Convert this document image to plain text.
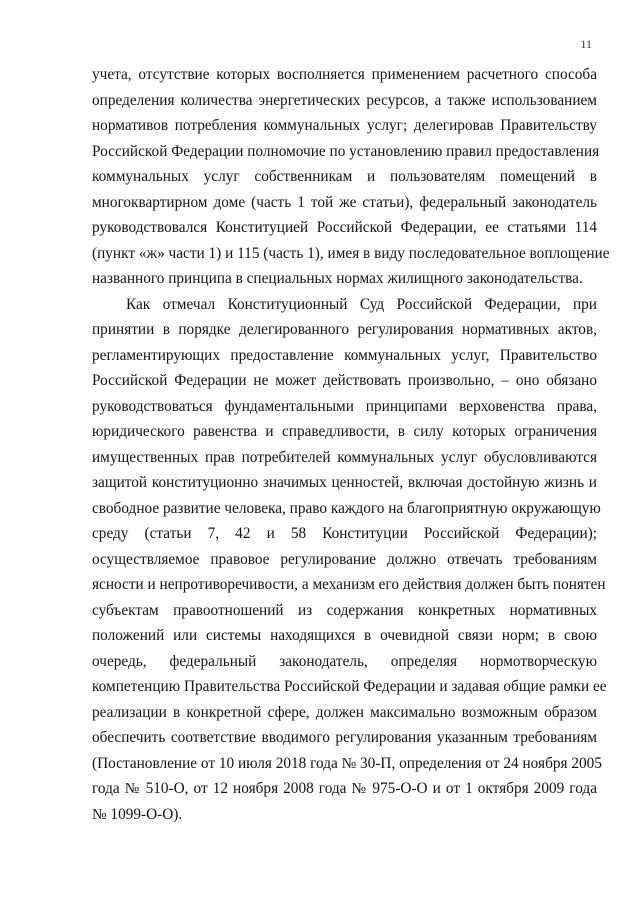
11
учета, отсутствие которых восполняется применением расчетного способа
определения количества энергетических ресурсов, а также использованием
нормативов потребления коммунальных услуг; делегировав Правительству
Российской Федерации полномочие по установлению правил предоставления
коммунальных услуг собственникам и пользователям помещений в
многоквартирном доме (часть 1 той же статьи), федеральный законодатель
руководствовался Конституцией Российской Федерации, ее статьями 114
(пункт «ж» части 1) и 115 (часть 1), имея в виду последовательное воплощение
названного принципа в специальных нормах жилищного законодательства.
Как отмечал Конституционный Суд Российской Федерации, при
принятии в порядке делегированного регулирования нормативных актов,
регламентирующих предоставление коммунальных услуг, Правительство
Российской Федерации не может действовать произвольно, – оно обязано
руководствоваться фундаментальными принципами верховенства права,
юридического равенства и справедливости, в силу которых ограничения
имущественных прав потребителей коммунальных услуг обусловливаются
защитой конституционно значимых ценностей, включая достойную жизнь и
свободное развитие человека, право каждого на благоприятную окружающую
среду (статьи 7, 42 и 58 Конституции Российской Федерации);
осуществляемое правовое регулирование должно отвечать требованиям
ясности и непротиворечивости, а механизм его действия должен быть понятен
субъектам правоотношений из содержания конкретных нормативных
положений или системы находящихся в очевидной связи норм; в свою
очередь, федеральный законодатель, определяя нормотворческую
компетенцию Правительства Российской Федерации и задавая общие рамки ее
реализации в конкретной сфере, должен максимально возможным образом
обеспечить соответствие вводимого регулирования указанным требованиям
(Постановление от 10 июля 2018 года № 30-П, определения от 24 ноября 2005
года № 510-О, от 12 ноября 2008 года № 975-О-О и от 1 октября 2009 года
№ 1099-О-О).
